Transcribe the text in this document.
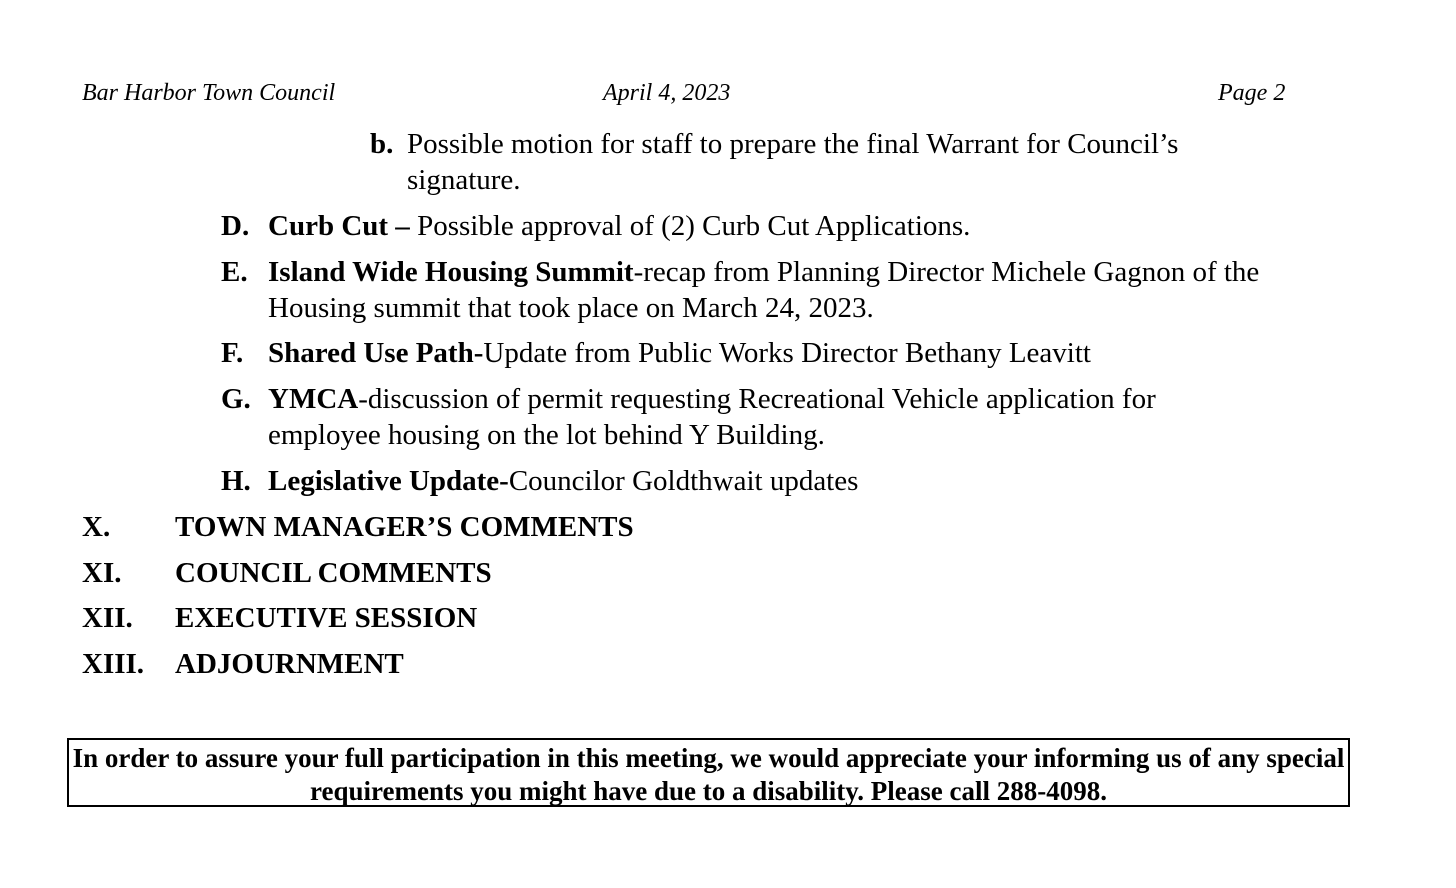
Bar Harbor Town Council	April 4, 2023	Page 2
b. Possible motion for staff to prepare the final Warrant for Council’s signature.
D. Curb Cut – Possible approval of (2) Curb Cut Applications.
E. Island Wide Housing Summit-recap from Planning Director Michele Gagnon of the Housing summit that took place on March 24, 2023.
F. Shared Use Path-Update from Public Works Director Bethany Leavitt
G. YMCA-discussion of permit requesting Recreational Vehicle application for employee housing on the lot behind Y Building.
H. Legislative Update-Councilor Goldthwait updates
X. TOWN MANAGER’S COMMENTS
XI. COUNCIL COMMENTS
XII. EXECUTIVE SESSION
XIII. ADJOURNMENT
In order to assure your full participation in this meeting, we would appreciate your informing us of any special requirements you might have due to a disability. Please call 288-4098.
